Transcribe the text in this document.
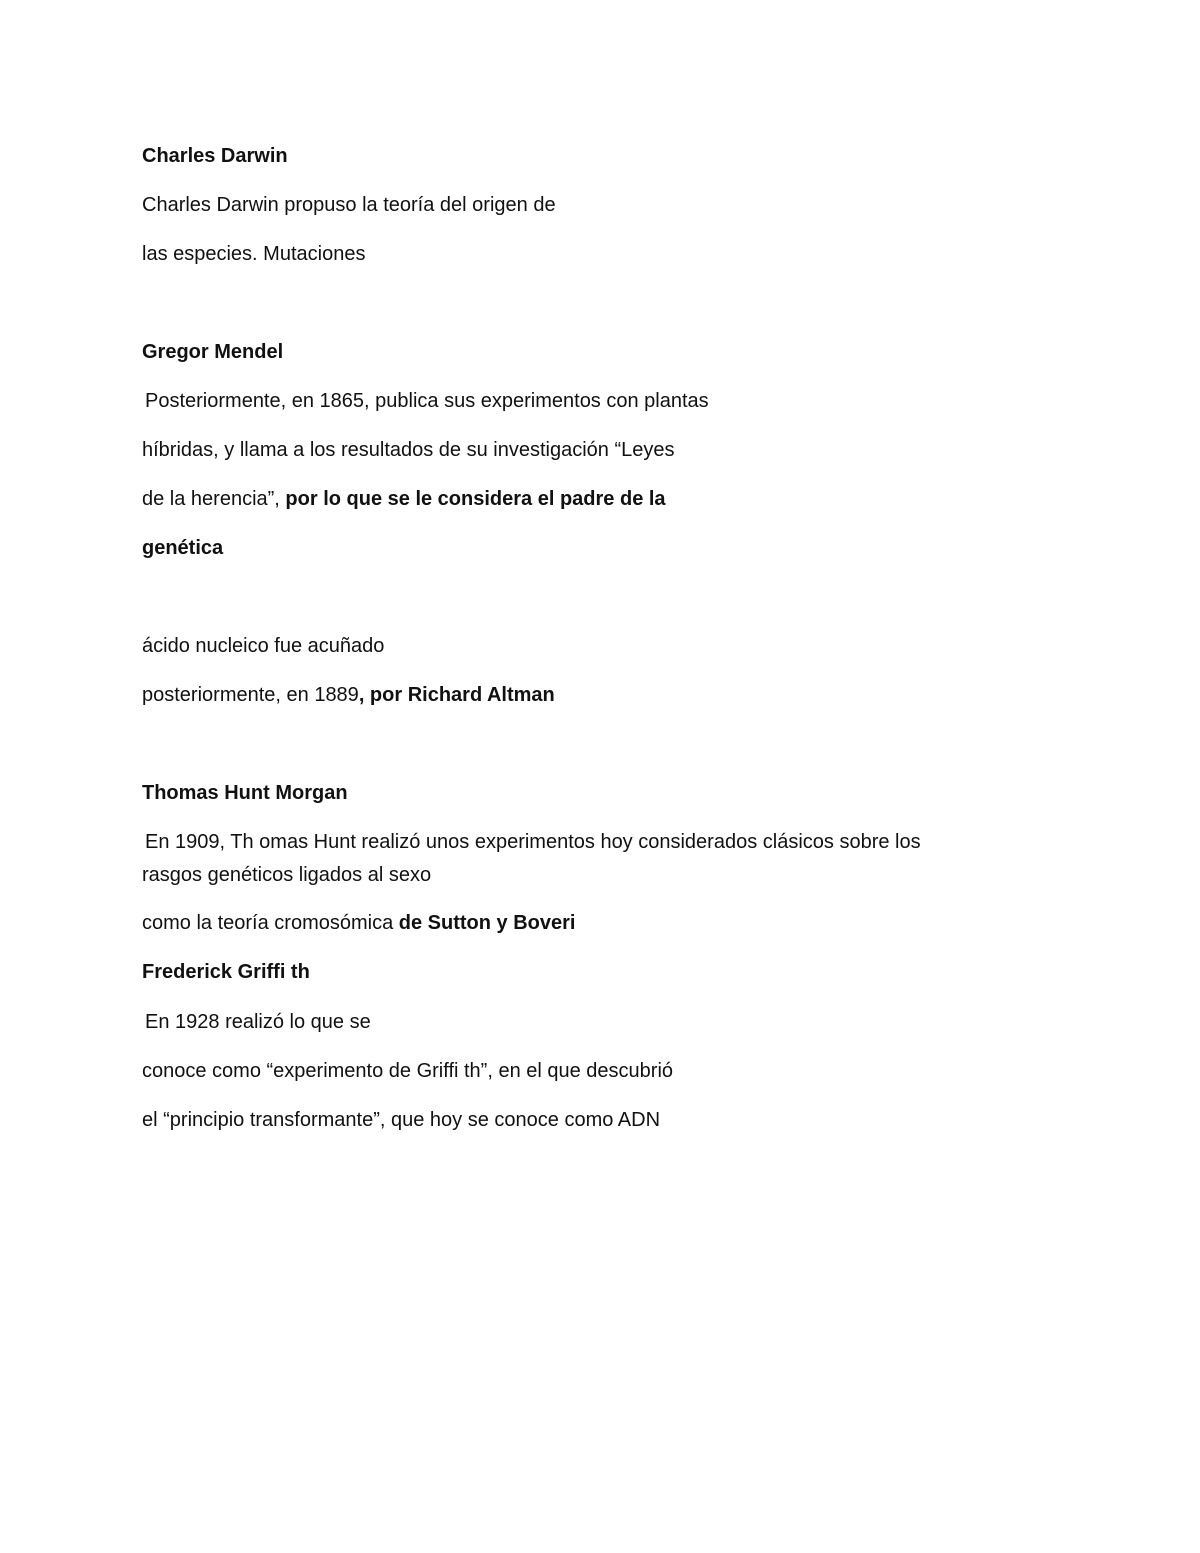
Charles Darwin

Charles Darwin propuso la teoría del origen de

las especies. Mutaciones

Gregor Mendel

Posteriormente, en 1865, publica sus experimentos con plantas

híbridas, y llama a los resultados de su investigación “Leyes

de la herencia”, por lo que se le considera el padre de la

genética

ácido nucleico fue acuñado

posteriormente, en 1889, por Richard Altman

Thomas Hunt Morgan

En 1909, Th omas Hunt realizó unos experimentos hoy considerados clásicos sobre los

rasgos genéticos ligados al sexo

como la teoría cromosómica de Sutton y Boveri

Frederick Griffi th

En 1928 realizó lo que se

conoce como “experimento de Griffi th”, en el que descubrió

el “principio transformante”, que hoy se conoce como ADN
